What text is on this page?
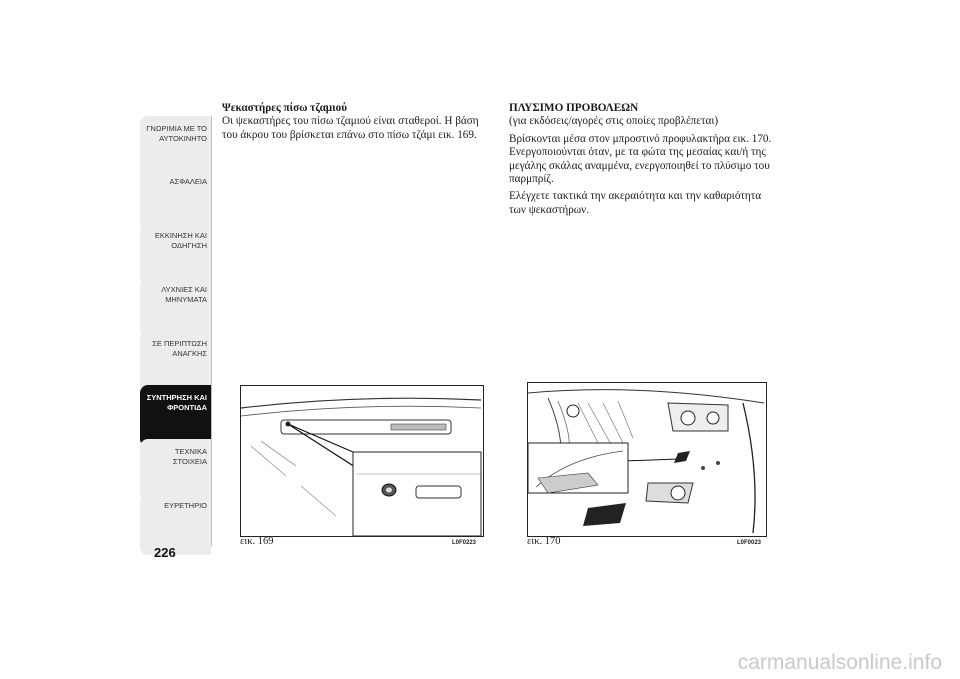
ΓΝΩΡΙΜΙΑ ΜΕ ΤΟ
ΑΥΤΟΚΙΝΗΤΟ
ΑΣΦΑΛΕΙΑ
ΕΚΚΙΝΗΣΗ ΚΑΙ
ΟΔΗΓΗΣΗ
ΛΥΧΝΙΕΣ ΚΑΙ
ΜΗΝΥΜΑΤΑ
ΣΕ ΠΕΡΙΠΤΩΣΗ
ΑΝΑΓΚΗΣ
ΣΥΝΤΗΡΗΣΗ ΚΑΙ
ΦΡΟΝΤΙΔΑ
ΤΕΧΝΙΚΑ ΣΤΟΙΧΕΙΑ
ΕΥΡΕΤΗΡΙΟ
226

Ψεκαστήρες πίσω τζαμιού

Οι ψεκαστήρες του πίσω τζαμιού είναι σταθεροί. Η βάση του άκρου του βρίσκεται επάνω στο πίσω τζάμι εικ. 169.

ΠΛΥΣΙΜΟ ΠΡΟΒΟΛΕΩΝ

(για εκδόσεις/αγορές στις οποίες προβλέπεται)

Βρίσκονται μέσα στον μπροστινό προφυλακτήρα εικ. 170. Ενεργοποιούνται όταν, με τα φώτα της μεσαίας και/ή της μεγάλης σκάλας αναμμένα, ενεργοποιηθεί το πλύσιμο του παρμπρίζ.

Ελέγχετε τακτικά την ακεραιότητα και την καθαριότητα των ψεκαστήρων.

εικ. 169	L0F0223	εικ. 170	L0F0023
carmanualsonline.info
